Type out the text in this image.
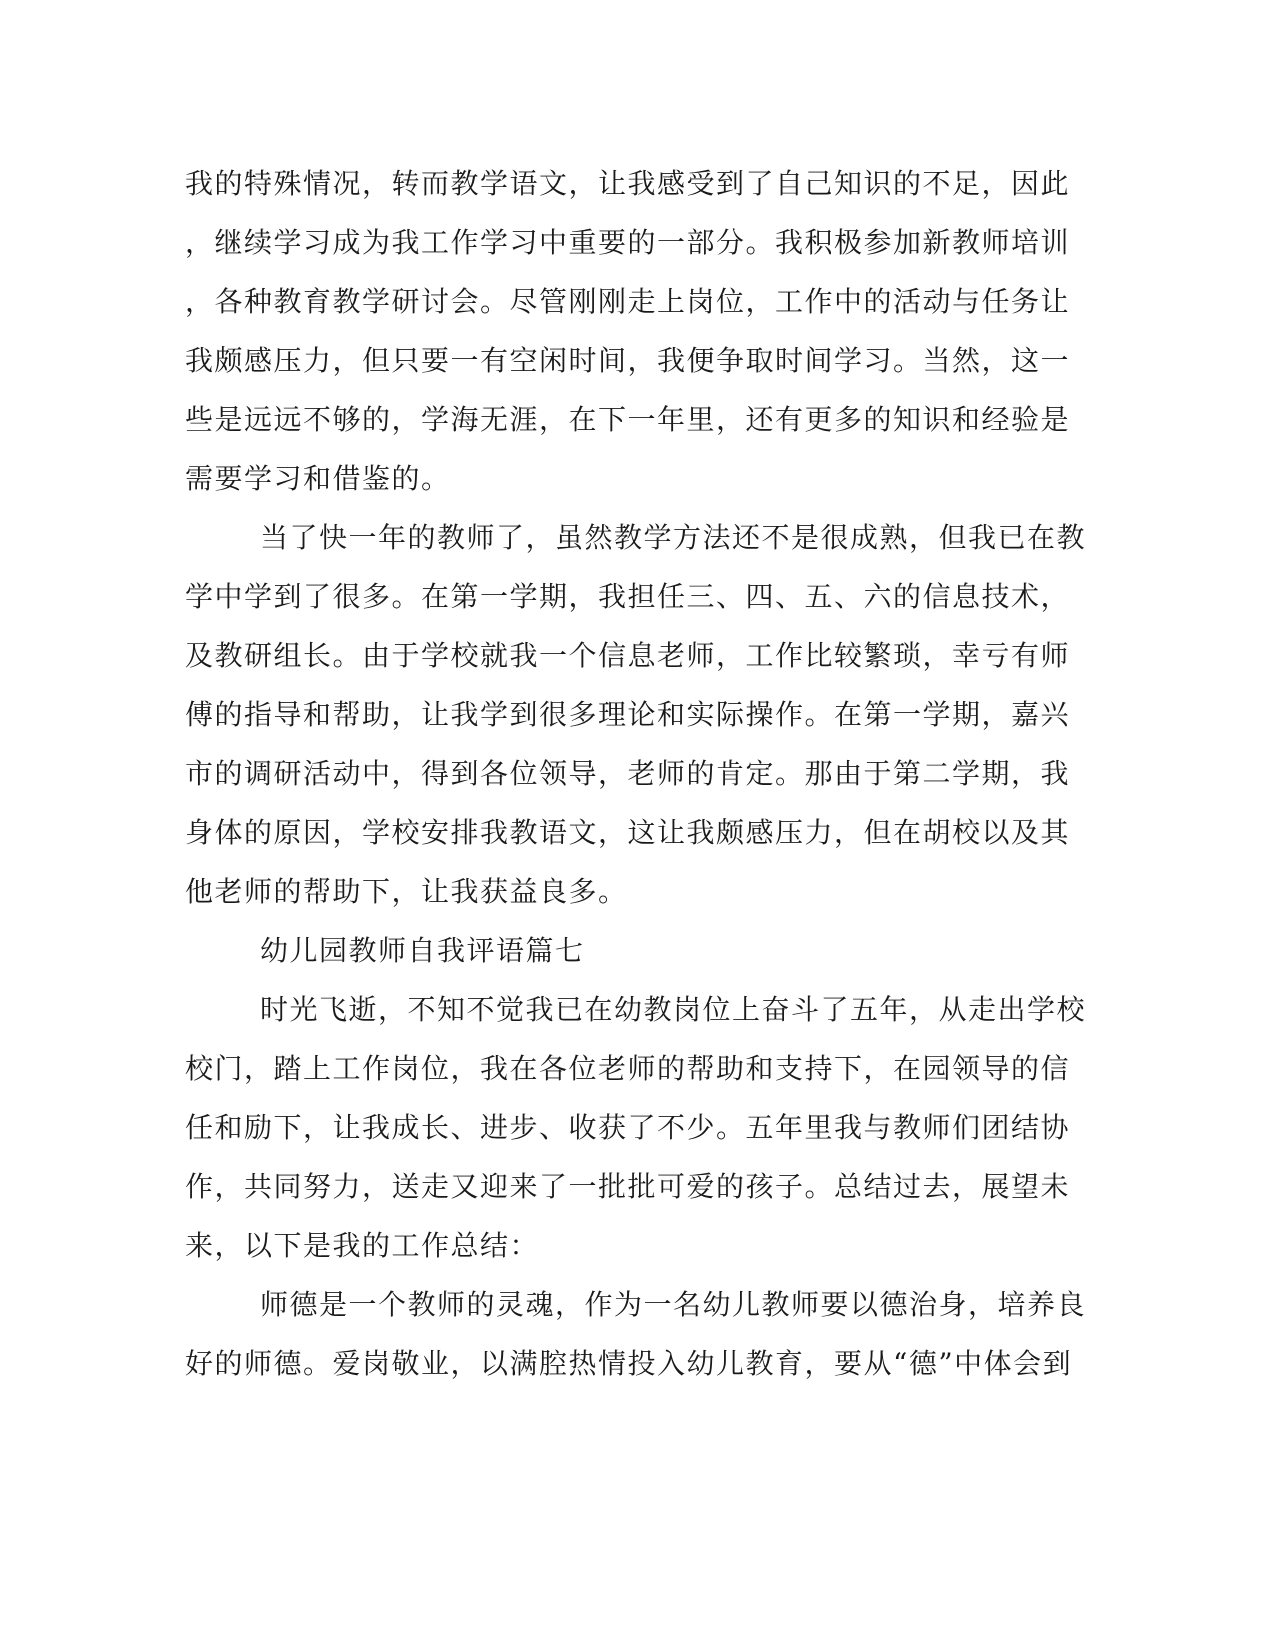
我的特殊情况，转而教学语文，让我感受到了自己知识的不足，因此
，继续学习成为我工作学习中重要的一部分。我积极参加新教师培训
，各种教育教学研讨会。尽管刚刚走上岗位，工作中的活动与任务让
我颇感压力，但只要一有空闲时间，我便争取时间学习。当然，这一
些是远远不够的，学海无涯，在下一年里，还有更多的知识和经验是
需要学习和借鉴的。
当了快一年的教师了，虽然教学方法还不是很成熟，但我已在教
学中学到了很多。在第一学期，我担任三、四、五、六的信息技术，
及教研组长。由于学校就我一个信息老师，工作比较繁琐，幸亏有师
傅的指导和帮助，让我学到很多理论和实际操作。在第一学期，嘉兴
市的调研活动中，得到各位领导，老师的肯定。那由于第二学期，我
身体的原因，学校安排我教语文，这让我颇感压力，但在胡校以及其
他老师的帮助下，让我获益良多。
幼儿园教师自我评语篇七
时光飞逝，不知不觉我已在幼教岗位上奋斗了五年，从走出学校
校门，踏上工作岗位，我在各位老师的帮助和支持下，在园领导的信
任和励下，让我成长、进步、收获了不少。五年里我与教师们团结协
作，共同努力，送走又迎来了一批批可爱的孩子。总结过去，展望未
来，以下是我的工作总结：
师德是一个教师的灵魂，作为一名幼儿教师要以德治身，培养良
好的师德。爱岗敬业，以满腔热情投入幼儿教育，要从“德”中体会到
